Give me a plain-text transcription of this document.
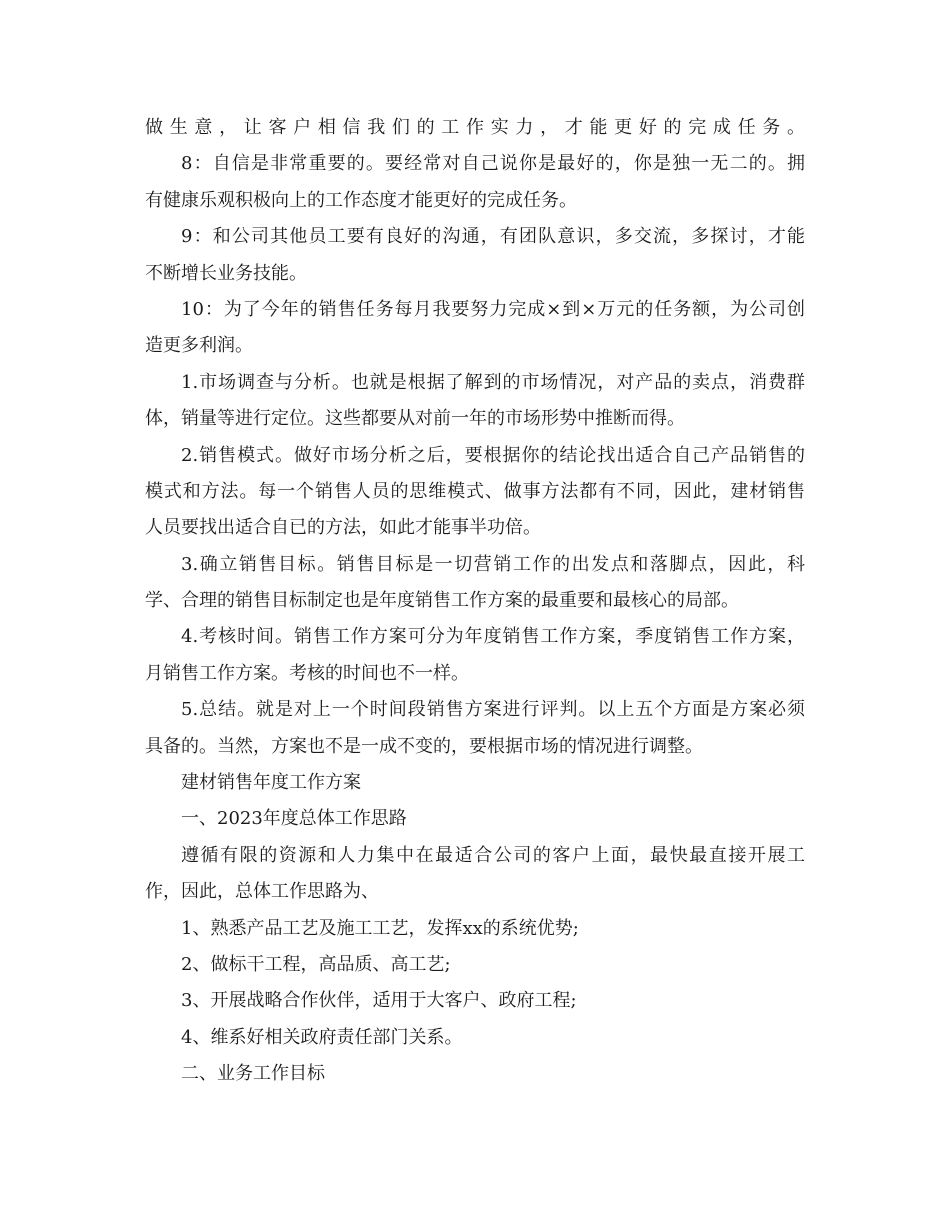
做生意，让客户相信我们的工作实力，才能更好的完成任务。
8：自信是非常重要的。要经常对自己说你是最好的，你是独一无二的。拥
有健康乐观积极向上的工作态度才能更好的完成任务。
9：和公司其他员工要有良好的沟通，有团队意识，多交流，多探讨，才能
不断增长业务技能。
10：为了今年的销售任务每月我要努力完成×到×万元的任务额，为公司创
造更多利润。
1.市场调查与分析。也就是根据了解到的市场情况，对产品的卖点，消费群
体，销量等进行定位。这些都要从对前一年的市场形势中推断而得。
2.销售模式。做好市场分析之后，要根据你的结论找出适合自己产品销售的
模式和方法。每一个销售人员的思维模式、做事方法都有不同，因此，建材销售
人员要找出适合自已的方法，如此才能事半功倍。
3.确立销售目标。销售目标是一切营销工作的出发点和落脚点，因此，科
学、合理的销售目标制定也是年度销售工作方案的最重要和最核心的局部。
4.考核时间。销售工作方案可分为年度销售工作方案，季度销售工作方案，
月销售工作方案。考核的时间也不一样。
5.总结。就是对上一个时间段销售方案进行评判。以上五个方面是方案必须
具备的。当然，方案也不是一成不变的，要根据市场的情况进行调整。
建材销售年度工作方案
一、2023年度总体工作思路
遵循有限的资源和人力集中在最适合公司的客户上面，最快最直接开展工
作，因此，总体工作思路为、
1、熟悉产品工艺及施工工艺，发挥xx的系统优势;
2、做标干工程，高品质、高工艺;
3、开展战略合作伙伴，适用于大客户、政府工程;
4、维系好相关政府责任部门关系。
二、业务工作目标
